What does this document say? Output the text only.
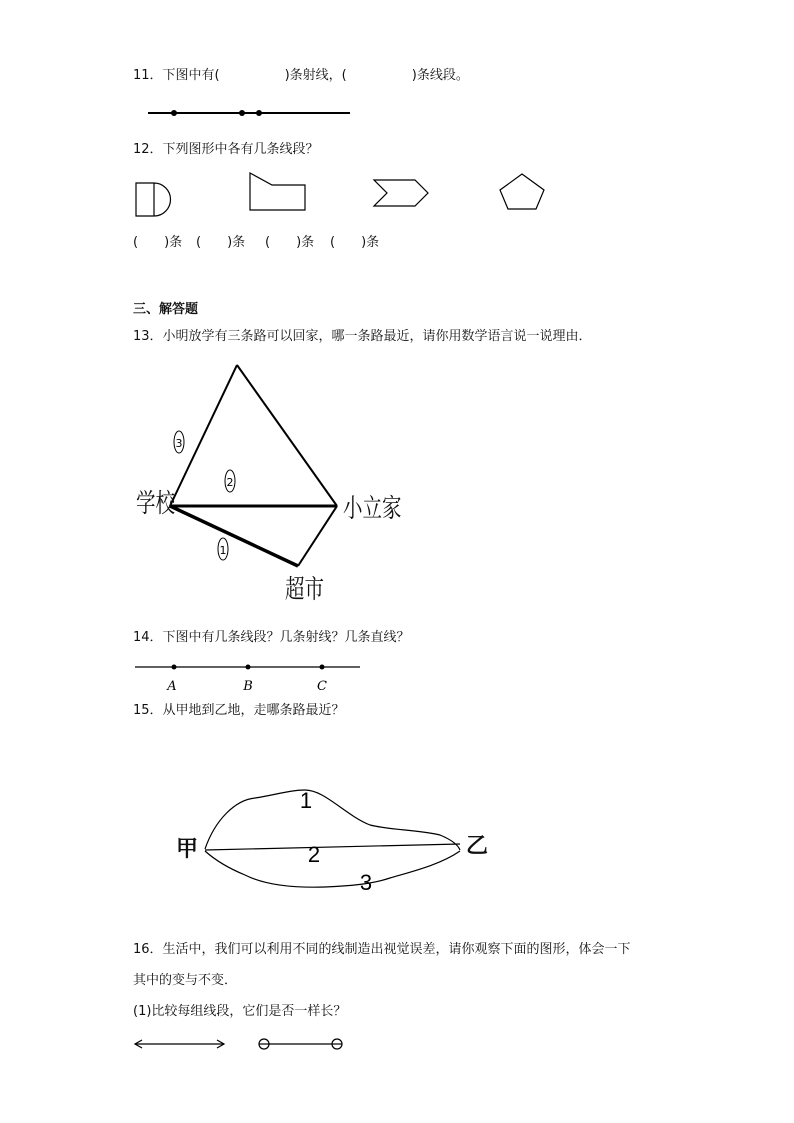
11．下图中有(　　　　　)条射线，(　　　　　)条线段。
12．下列图形中各有几条线段？
(　　)条 (　　)条 (　　)条 (　　)条
三、解答题
13．小明放学有三条路可以回家，哪一条路最近，请你用数学语言说一说理由．
3
2
1
学校	小立家
超市
14．下图中有几条线段？几条射线？几条直线？
A	B	C
15．从甲地到乙地，走哪条路最近？
1
2
3
甲	乙
16．生活中，我们可以利用不同的线制造出视觉误差，请你观察下面的图形，体会一下
其中的变与不变．
(1)比较每组线段，它们是否一样长？
